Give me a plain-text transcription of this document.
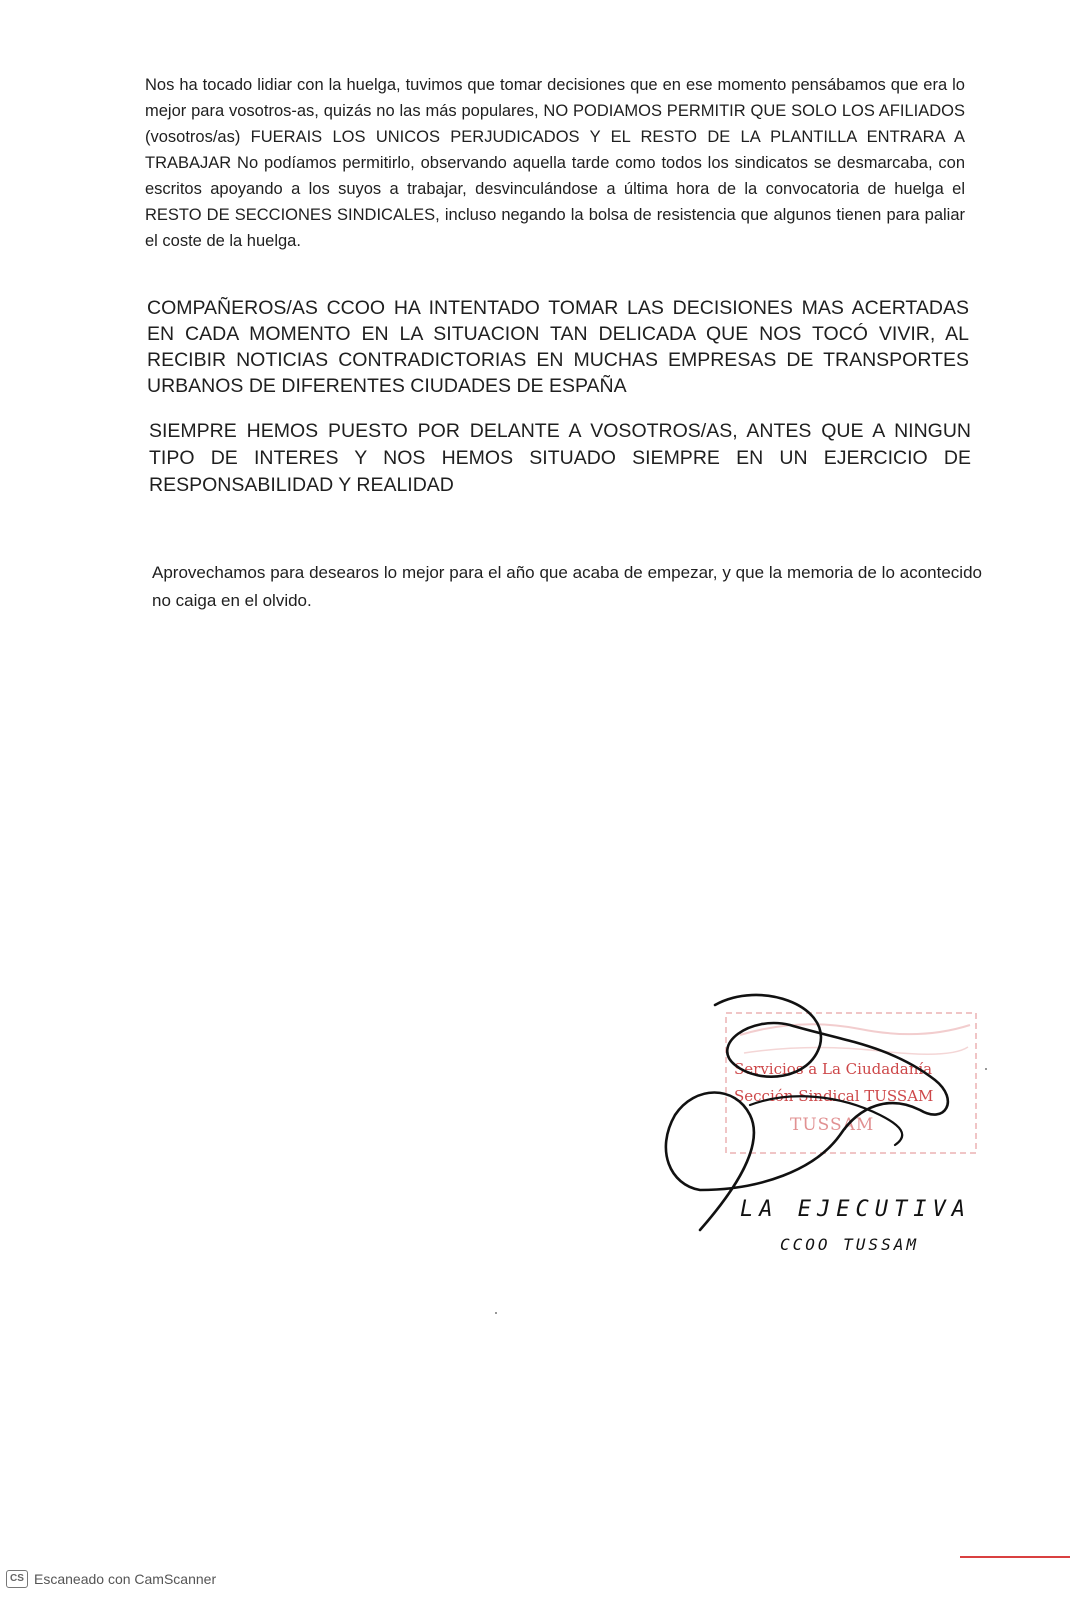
Nos ha tocado lidiar con la huelga, tuvimos que tomar decisiones que en ese momento pensábamos que era lo mejor para vosotros-as, quizás no las más populares, NO PODIAMOS PERMITIR QUE SOLO LOS AFILIADOS (vosotros/as) FUERAIS LOS UNICOS PERJUDICADOS Y EL RESTO DE LA PLANTILLA ENTRARA A TRABAJAR No podíamos permitirlo, observando aquella tarde como todos los sindicatos se desmarcaba, con escritos apoyando a los suyos a trabajar, desvinculándose a última hora de la convocatoria de huelga el RESTO DE SECCIONES SINDICALES, incluso negando la bolsa de resistencia que algunos tienen para paliar el coste de la huelga.

COMPAÑEROS/AS CCOO HA INTENTADO TOMAR LAS DECISIONES MAS ACERTADAS EN CADA MOMENTO EN LA SITUACION TAN DELICADA QUE NOS TOCÓ VIVIR, AL RECIBIR NOTICIAS CONTRADICTORIAS EN MUCHAS EMPRESAS DE TRANSPORTES URBANOS DE DIFERENTES CIUDADES DE ESPAÑA

SIEMPRE HEMOS PUESTO POR DELANTE A VOSOTROS/AS, ANTES QUE A NINGUN TIPO DE INTERES Y NOS HEMOS SITUADO SIEMPRE EN UN EJERCICIO DE RESPONSABILIDAD Y REALIDAD

Aprovechamos para desearos lo mejor para el año que acaba de empezar, y que la memoria de lo acontecido no caiga en el olvido.

Servicios a La Ciudadanía
Sección Sindical TUSSAM
TUSSAM
LA EJECUTIVA
CCOO TUSSAM
CS Escaneado con CamScanner
